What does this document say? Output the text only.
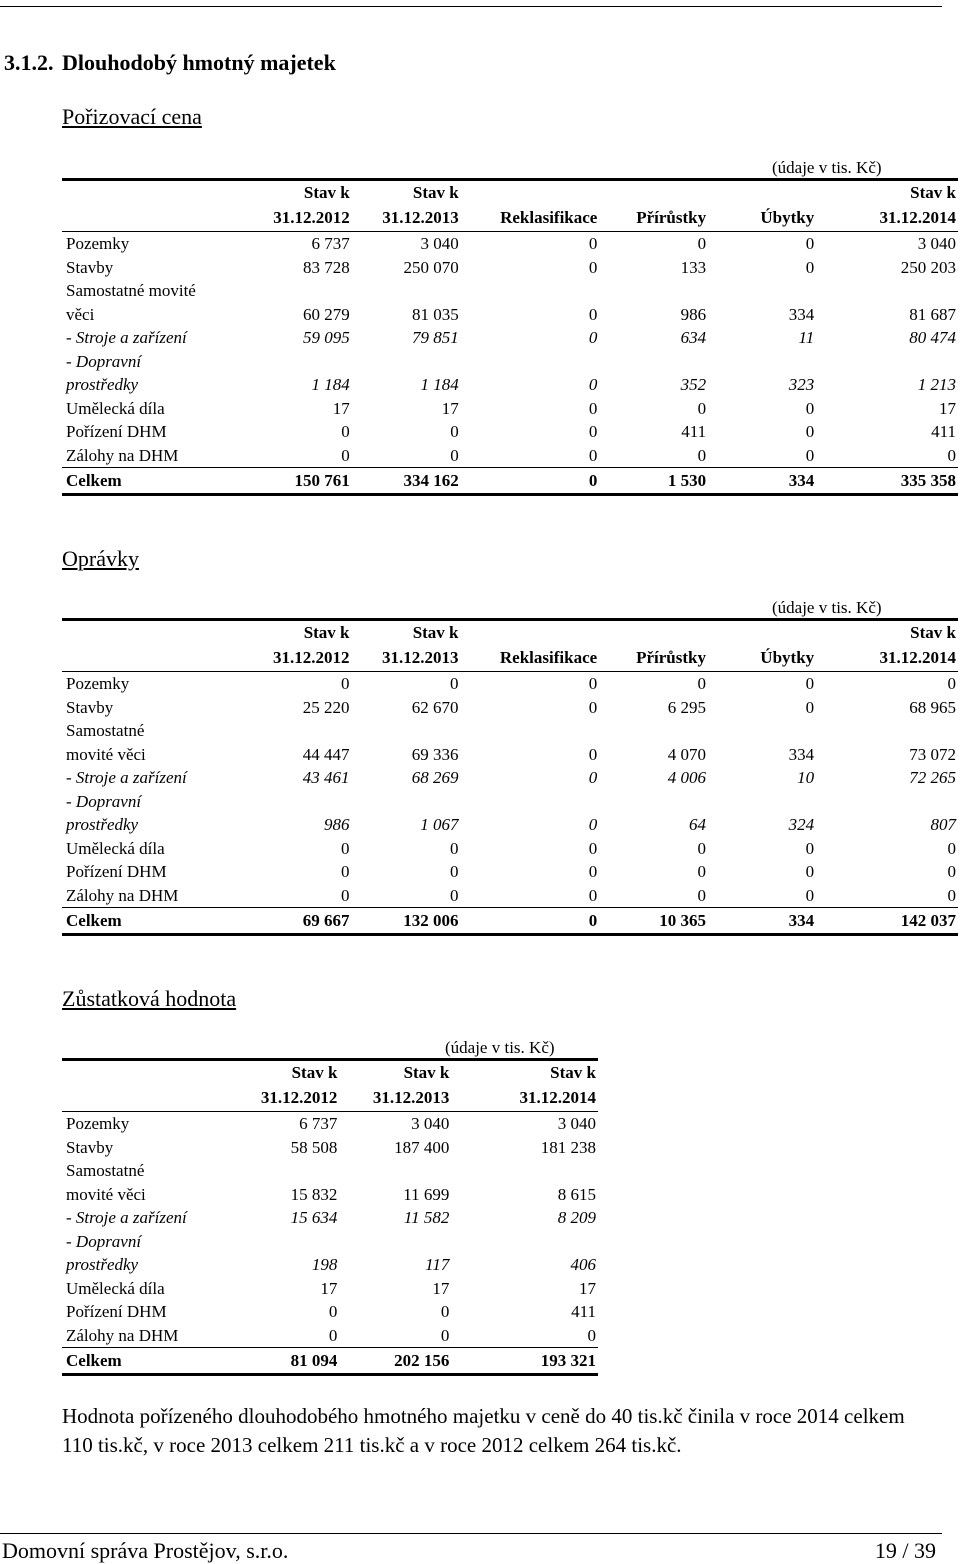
3.1.2. Dlouhodobý hmotný majetek
Pořizovací cena
(údaje v tis. Kč)
	Stav k	Stav k				Stav k
	31.12.2012	31.12.2013	Reklasifikace	Přírůstky	Úbytky	31.12.2014
Pozemky	6 737	3 040	0	0	0	3 040
Stavby	83 728	250 070	0	133	0	250 203
Samostatné movité						
věci	60 279	81 035	0	986	334	81 687
- Stroje a zařízení	59 095	79 851	0	634	11	80 474
- Dopravní						
prostředky	1 184	1 184	0	352	323	1 213
Umělecká díla	17	17	0	0	0	17
Pořízení DHM	0	0	0	411	0	411
Zálohy na DHM	0	0	0	0	0	0
Celkem	150 761	334 162	0	1 530	334	335 358
Oprávky
(údaje v tis. Kč)
	Stav k	Stav k				Stav k
	31.12.2012	31.12.2013	Reklasifikace	Přírůstky	Úbytky	31.12.2014
Pozemky	0	0	0	0	0	0
Stavby	25 220	62 670	0	6 295	0	68 965
Samostatné						
movité věci	44 447	69 336	0	4 070	334	73 072
- Stroje a zařízení	43 461	68 269	0	4 006	10	72 265
- Dopravní						
prostředky	986	1 067	0	64	324	807
Umělecká díla	0	0	0	0	0	0
Pořízení DHM	0	0	0	0	0	0
Zálohy na DHM	0	0	0	0	0	0
Celkem	69 667	132 006	0	10 365	334	142 037
Zůstatková hodnota
(údaje v tis. Kč)
	Stav k	Stav k	Stav k
	31.12.2012	31.12.2013	31.12.2014
Pozemky	6 737	3 040	3 040
Stavby	58 508	187 400	181 238
Samostatné			
movité věci	15 832	11 699	8 615
- Stroje a zařízení	15 634	11 582	8 209
- Dopravní			
prostředky	198	117	406
Umělecká díla	17	17	17
Pořízení DHM	0	0	411
Zálohy na DHM	0	0	0
Celkem	81 094	202 156	193 321
Hodnota pořízeného dlouhodobého hmotného majetku v ceně do 40 tis.kč činila v roce 2014 celkem 110 tis.kč, v roce 2013 celkem 211 tis.kč a v roce 2012 celkem 264 tis.kč.
Domovní správa Prostějov, s.r.o.	19 / 39
